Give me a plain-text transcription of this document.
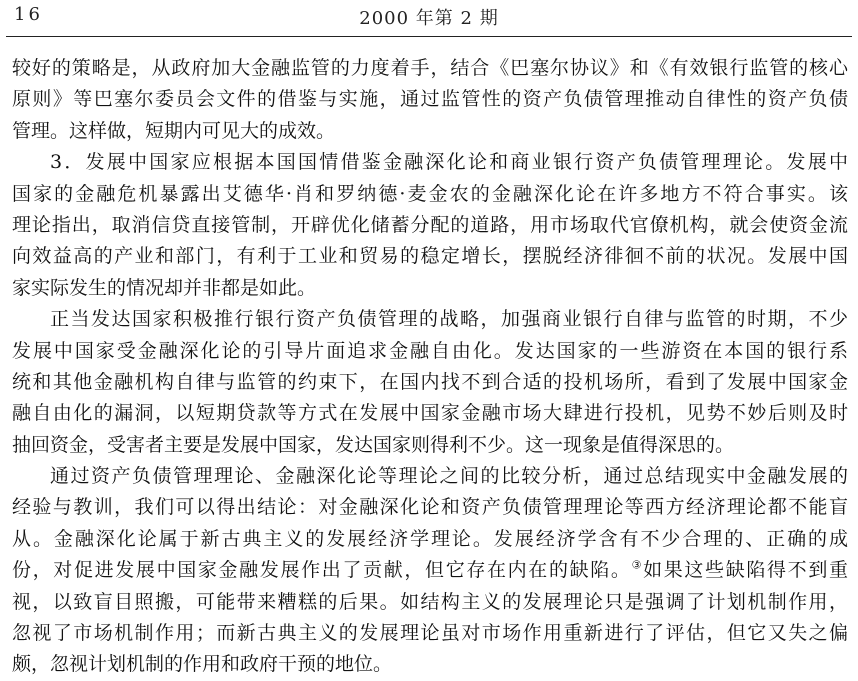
16	2000 年第 2 期
较好的策略是，从政府加大金融监管的力度着手，结合《巴塞尔协议》和《有效银行监管的核心
原则》等巴塞尔委员会文件的借鉴与实施，通过监管性的资产负债管理推动自律性的资产负债
管理。这样做，短期内可见大的成效。
3．发展中国家应根据本国国情借鉴金融深化论和商业银行资产负债管理理论。发展中
国家的金融危机暴露出艾德华·肖和罗纳德·麦金农的金融深化论在许多地方不符合事实。该
理论指出，取消信贷直接管制，开辟优化储蓄分配的道路，用市场取代官僚机构，就会使资金流
向效益高的产业和部门，有利于工业和贸易的稳定增长，摆脱经济徘徊不前的状况。发展中国
家实际发生的情况却并非都是如此。
正当发达国家积极推行银行资产负债管理的战略，加强商业银行自律与监管的时期，不少
发展中国家受金融深化论的引导片面追求金融自由化。发达国家的一些游资在本国的银行系
统和其他金融机构自律与监管的约束下，在国内找不到合适的投机场所，看到了发展中国家金
融自由化的漏洞，以短期贷款等方式在发展中国家金融市场大肆进行投机，见势不妙后则及时
抽回资金，受害者主要是发展中国家，发达国家则得利不少。这一现象是值得深思的。
通过资产负债管理理论、金融深化论等理论之间的比较分析，通过总结现实中金融发展的
经验与教训，我们可以得出结论：对金融深化论和资产负债管理理论等西方经济理论都不能盲
从。金融深化论属于新古典主义的发展经济学理论。发展经济学含有不少合理的、正确的成
份，对促进发展中国家金融发展作出了贡献，但它存在内在的缺陷。③如果这些缺陷得不到重
视，以致盲目照搬，可能带来糟糕的后果。如结构主义的发展理论只是强调了计划机制作用，
忽视了市场机制作用；而新古典主义的发展理论虽对市场作用重新进行了评估，但它又失之偏
颇，忽视计划机制的作用和政府干预的地位。
